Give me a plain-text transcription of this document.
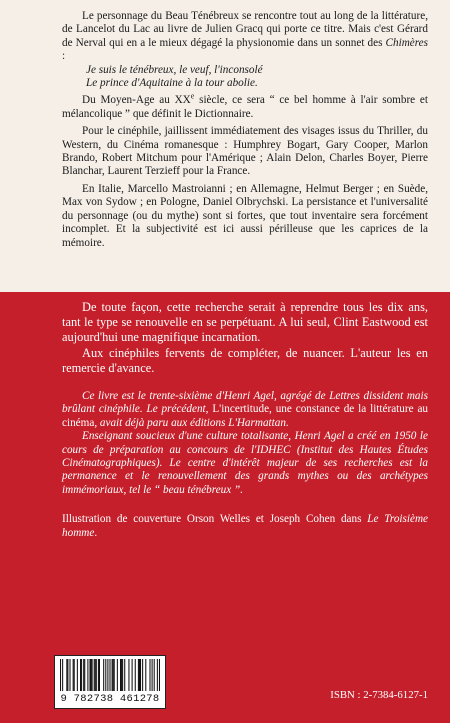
Le personnage du Beau Ténébreux se rencontre tout au long de la littérature, de Lancelot du Lac au livre de Julien Gracq qui porte ce titre. Mais c'est Gérard de Nerval qui en a le mieux dégagé la physionomie dans un sonnet des Chimères :

Je suis le ténébreux, le veuf, l'inconsolé

Le prince d'Aquitaine à la tour abolie.

Du Moyen-Age au XXe siècle, ce sera “ ce bel homme à l'air sombre et mélancolique ” que définit le Dictionnaire.

Pour le cinéphile, jaillissent immédiatement des visages issus du Thriller, du Western, du Cinéma romanesque : Humphrey Bogart, Gary Cooper, Marlon Brando, Robert Mitchum pour l'Amérique ; Alain Delon, Charles Boyer, Pierre Blanchar, Laurent Terzieff pour la France.

En Italie, Marcello Mastroianni ; en Allemagne, Helmut Berger ; en Suède, Max von Sydow ; en Pologne, Daniel Olbrychski. La persistance et l'universalité du personnage (ou du mythe) sont si fortes, que tout inventaire sera forcément incomplet. Et la subjectivité est ici aussi périlleuse que les caprices de la mémoire.

De toute façon, cette recherche serait à reprendre tous les dix ans, tant le type se renouvelle en se perpétuant. A lui seul, Clint Eastwood est aujourd'hui une magnifique incarnation.

Aux cinéphiles fervents de compléter, de nuancer. L'auteur les en remercie d'avance.

Ce livre est le trente-sixième d'Henri Agel, agrégé de Lettres dissident mais brûlant cinéphile. Le précédent, L'incertitude, une constance de la littérature au cinéma, avait déjà paru aux éditions L'Harmattan.

Enseignant soucieux d'une culture totalisante, Henri Agel a créé en 1950 le cours de préparation au concours de l'IDHEC (Institut des Hautes Études Cinématographiques). Le centre d'intérêt majeur de ses recherches est la permanence et le renouvellement des grands mythes ou des archétypes immémoriaux, tel le “ beau ténébreux ”.

Illustration de couverture Orson Welles et Joseph Cohen dans Le Troisième homme.

9 782738 461278	ISBN : 2-7384-6127-1
